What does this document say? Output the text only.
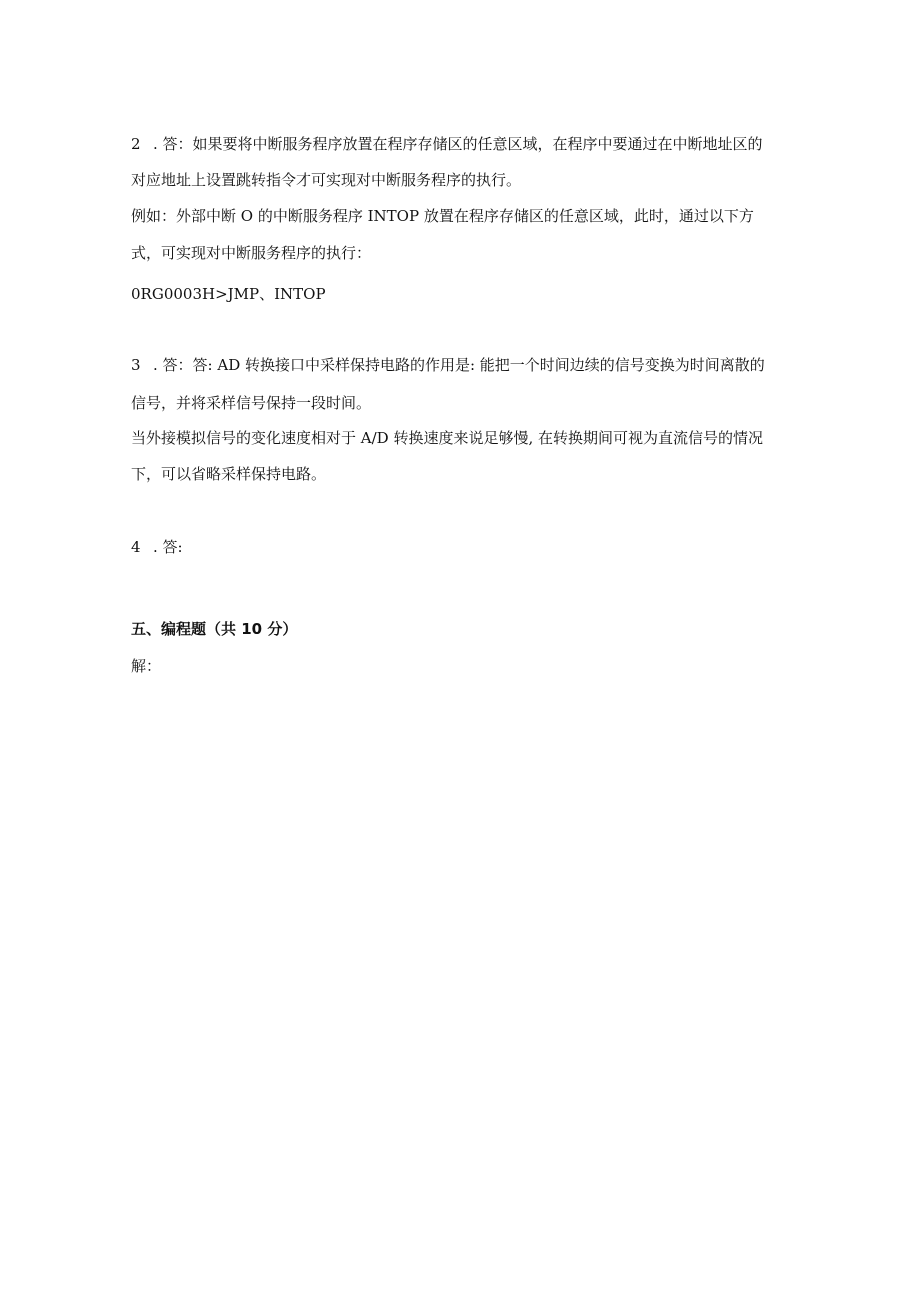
2 . 答：如果要将中断服务程序放置在程序存储区的任意区域，在程序中要通过在中断地址区的
对应地址上设置跳转指令才可实现对中断服务程序的执行。
例如：外部中断 O 的中断服务程序 INTOP 放置在程序存储区的任意区域，此时，通过以下方
式，可实现对中断服务程序的执行：
0RG0003H>JMP、INTOP
3 . 答：答: AD 转换接口中采样保持电路的作用是: 能把一个时间边续的信号变换为时间离散的
信号，并将采样信号保持一段时间。
当外接模拟信号的变化速度相对于 A/D 转换速度来说足够慢, 在转换期间可视为直流信号的情况
下，可以省略采样保持电路。
4 . 答:
五、编程题（共 10 分）
解：
